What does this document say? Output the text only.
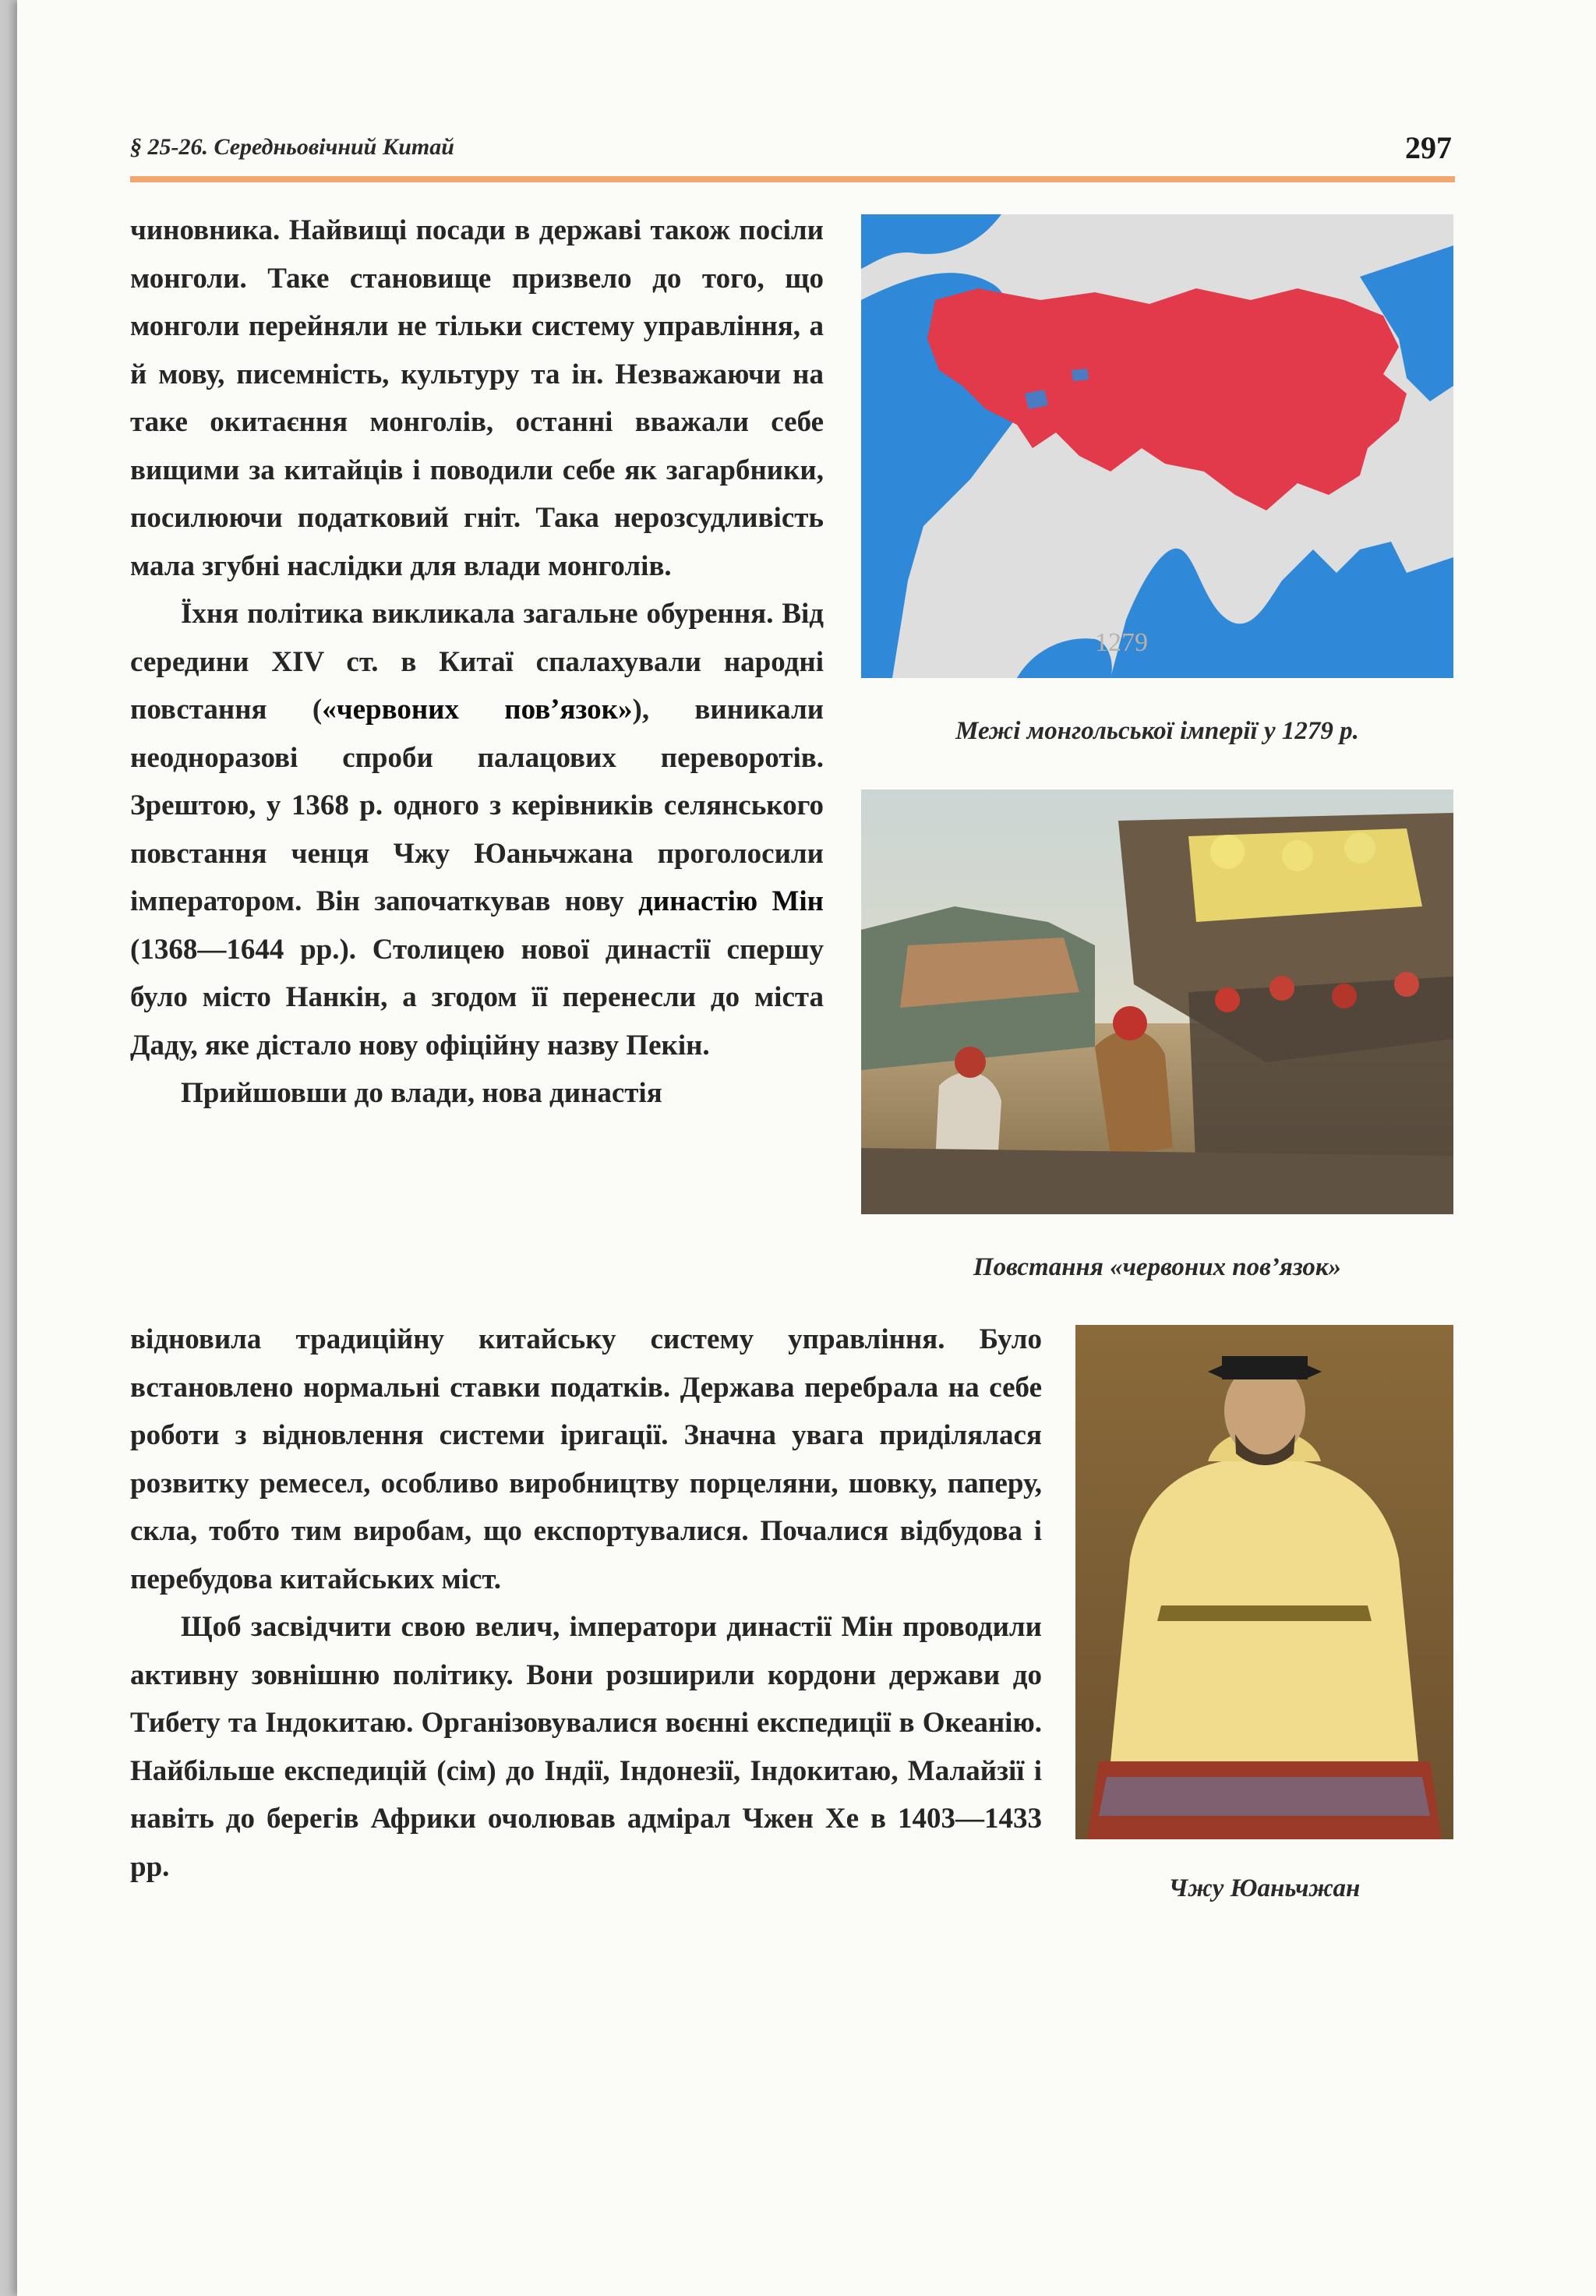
§ 25-26. Середньовічний Китай	297

чиновника. Найвищі посади в державі також посіли монголи. Таке становище призвело до того, що монголи перейняли не тільки систему управління, а й мову, писемність, культуру та ін. Незважаючи на таке окитаєння монголів, останні вважали себе вищими за китайців і поводили себе як загарбники, посилюючи податковий гніт. Така нерозсудливість мала згубні наслідки для влади монголів.

Їхня політика викликала загальне обурення. Від середини XIV ст. в Китаї спалахували народні повстання («червоних пов’язок»), виникали неодноразові спроби палацових переворотів. Зрештою, у 1368 р. одного з керівників селянського повстання ченця Чжу Юаньчжана проголосили імператором. Він започаткував нову династію Мін (1368—1644 рр.). Столицею нової династії спершу було місто Нанкін, а згодом її перенесли до міста Даду, яке дістало нову офіційну назву Пекін.

Прийшовши до влади, нова династія

відновила традиційну китайську систему управління. Було встановлено нормальні ставки податків. Держава перебрала на себе роботи з відновлення системи іригації. Значна увага приділялася розвитку ремесел, особливо виробництву порцеляни, шовку, паперу, скла, тобто тим виробам, що експортувалися. Почалися відбудова і перебудова китайських міст.

Щоб засвідчити свою велич, імператори династії Мін проводили активну зовнішню політику. Вони розширили кордони держави до Тибету та Індокитаю. Організовувалися воєнні експедиції в Океанію. Найбільше експедицій (сім) до Індії, Індонезії, Індокитаю, Малайзії і навіть до берегів Африки очолював адмірал Чжен Хе в 1403—1433 рр.

1279
Межі монгольської імперії у 1279 р.
Повстання «червоних пов’язок»
Чжу Юаньчжан
